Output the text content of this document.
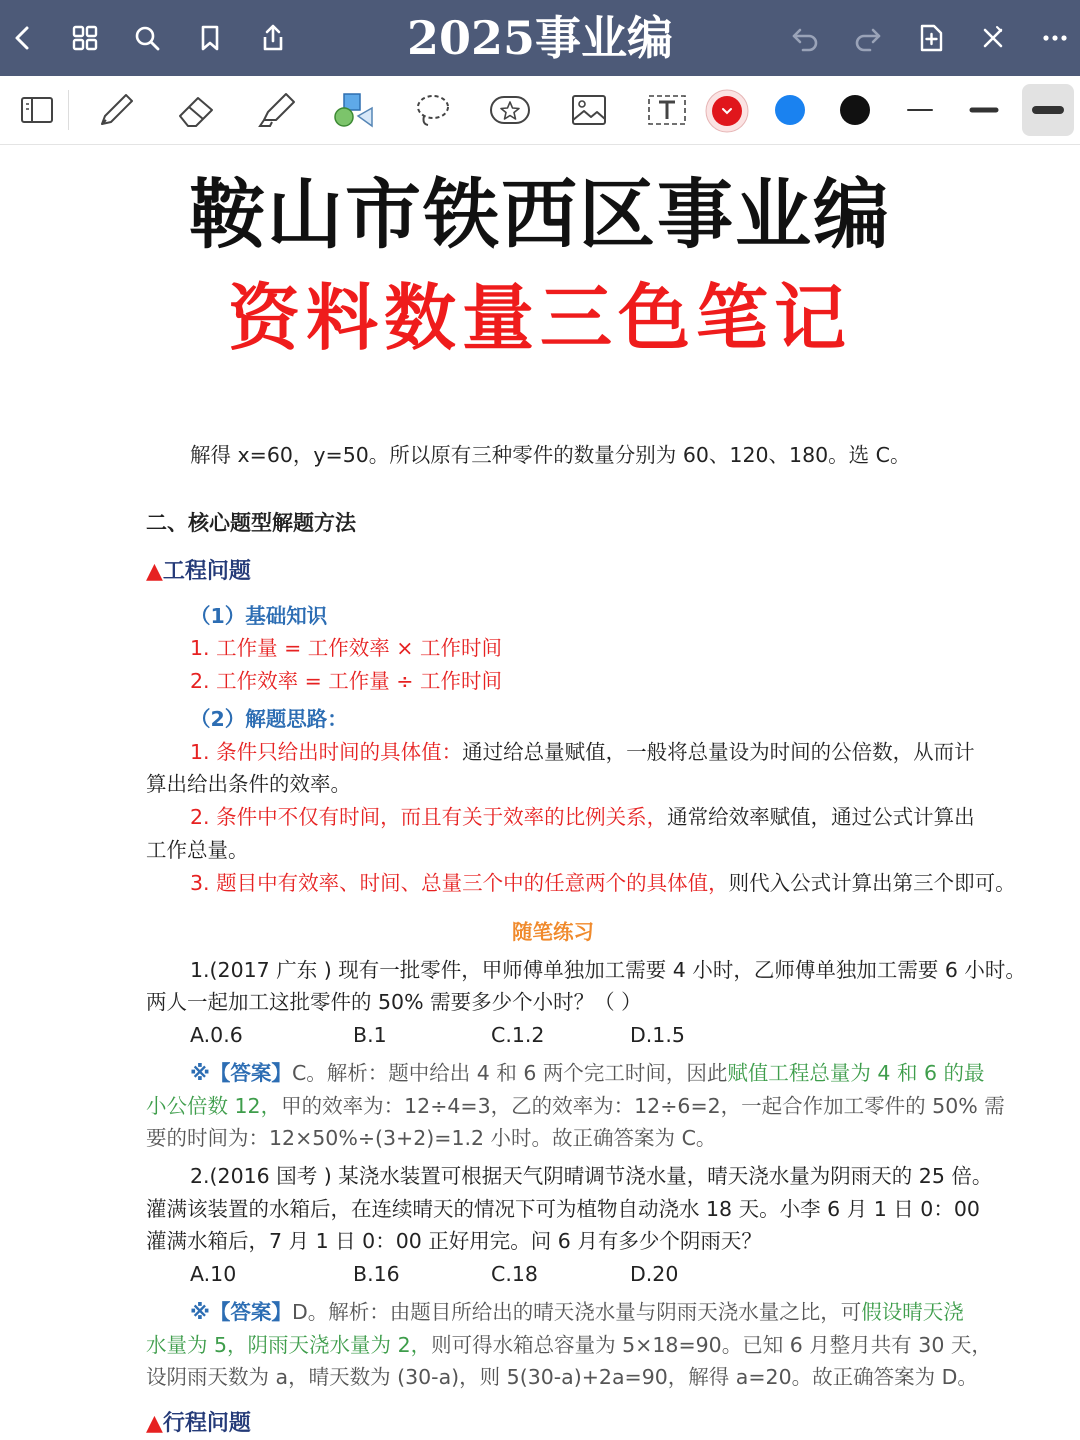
2025事业编
鞍山市铁西区事业编
资料数量三色笔记
解得 x=60，y=50。所以原有三种零件的数量分别为 60、120、180。选 C。
二、核心题型解题方法
▲工程问题
（1）基础知识
1. 工作量 = 工作效率 × 工作时间
2. 工作效率 = 工作量 ÷ 工作时间
（2）解题思路：
1. 条件只给出时间的具体值：通过给总量赋值，一般将总量设为时间的公倍数，从而计
算出给出条件的效率。
2. 条件中不仅有时间，而且有关于效率的比例关系，通常给效率赋值，通过公式计算出
工作总量。
3. 题目中有效率、时间、总量三个中的任意两个的具体值，则代入公式计算出第三个即可。
随笔练习
1.(2017 广东 ) 现有一批零件，甲师傅单独加工需要 4 小时，乙师傅单独加工需要 6 小时。
两人一起加工这批零件的 50% 需要多少个小时？（ ）
A.0.6	B.1	C.1.2	D.1.5
※【答案】C。解析：题中给出 4 和 6 两个完工时间，因此赋值工程总量为 4 和 6 的最
小公倍数 12，甲的效率为：12÷4=3，乙的效率为：12÷6=2，一起合作加工零件的 50% 需
要的时间为：12×50%÷(3+2)=1.2 小时。故正确答案为 C。
2.(2016 国考 ) 某浇水装置可根据天气阴晴调节浇水量，晴天浇水量为阴雨天的 25 倍。
灌满该装置的水箱后，在连续晴天的情况下可为植物自动浇水 18 天。小李 6 月 1 日 0：00
灌满水箱后，7 月 1 日 0：00 正好用完。问 6 月有多少个阴雨天？
A.10	B.16	C.18	D.20
※【答案】D。解析：由题目所给出的晴天浇水量与阴雨天浇水量之比，可假设晴天浇
水量为 5，阴雨天浇水量为 2，则可得水箱总容量为 5×18=90。已知 6 月整月共有 30 天，
设阴雨天数为 a，晴天数为 (30-a)，则 5(30-a)+2a=90，解得 a=20。故正确答案为 D。
▲行程问题
